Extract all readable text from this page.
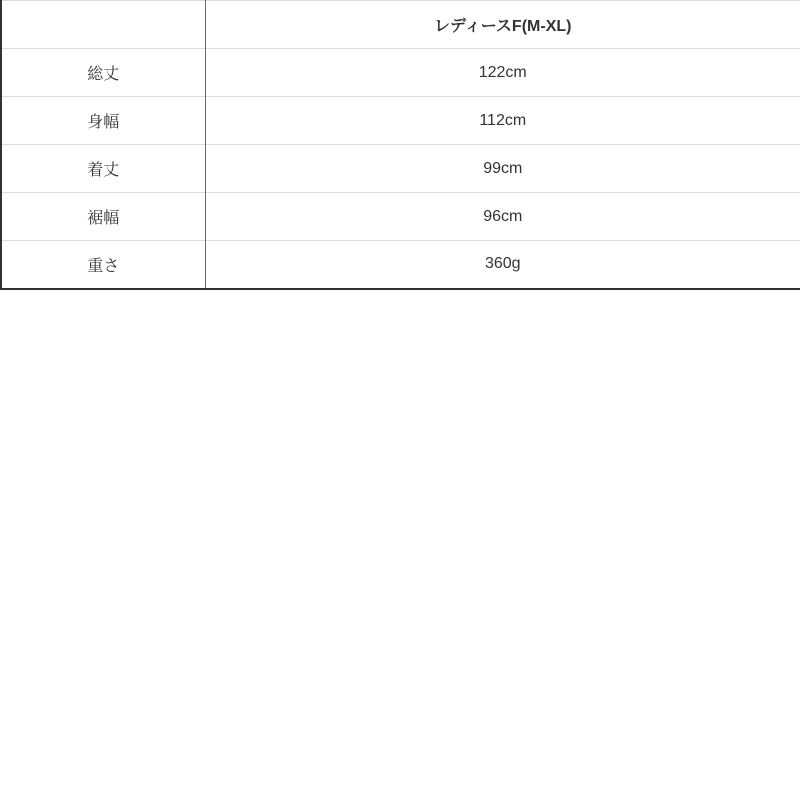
	レディースF(M-XL)
総丈	122cm
身幅	112cm
着丈	99cm
裾幅	96cm
重さ	360g
